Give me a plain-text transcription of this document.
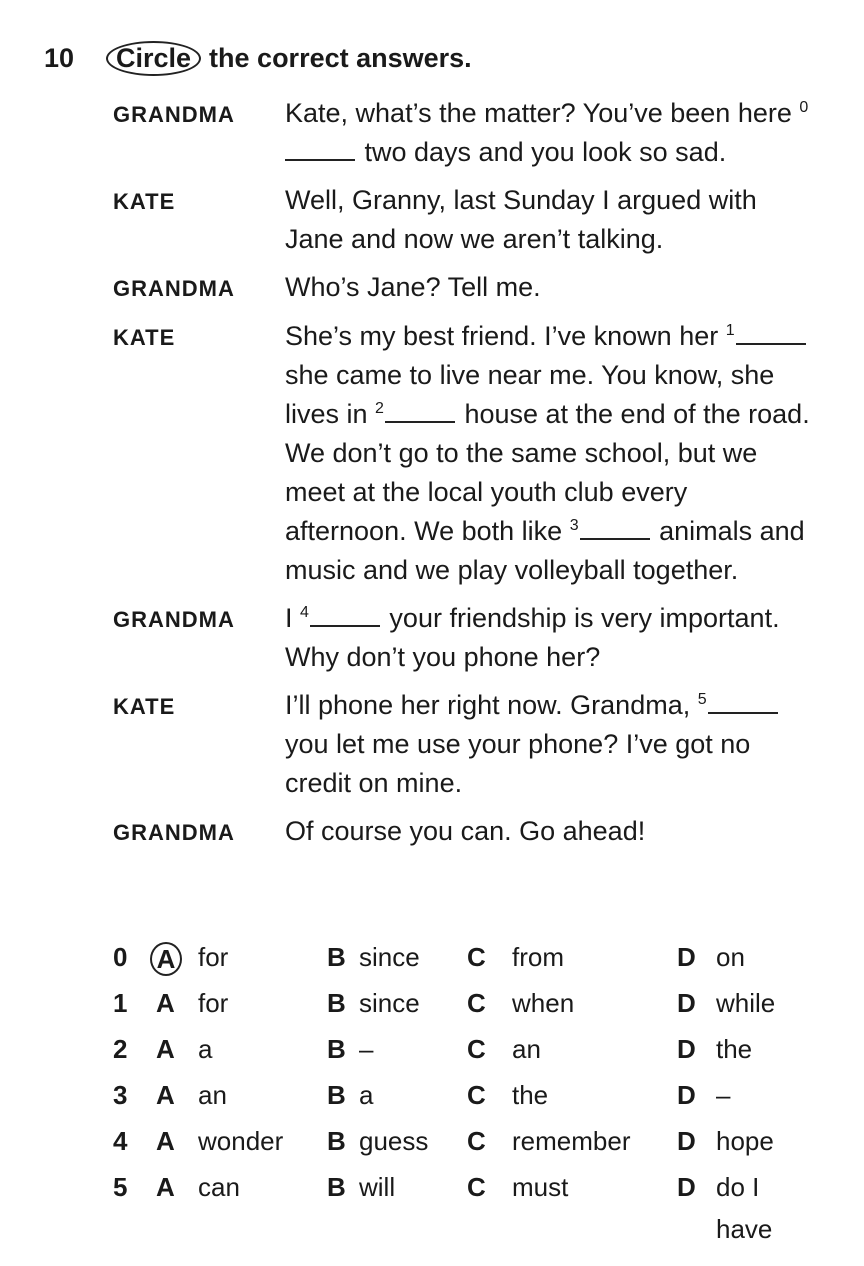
10	Circle the correct answers.
GRANDMA	Kate, what’s the matter? You’ve been here $^0$ two days and you look so sad.
KATE	Well, Granny, last Sunday I argued with Jane and now we aren’t talking.
GRANDMA	Who’s Jane? Tell me.
KATE	She’s my best friend. I’ve known her $^1$ she came to live near me. You know, she lives in $^2$	house at the end of the road. We don’t go to the same school, but we meet at the local youth club every afternoon. We both like $^3$	animals and music and we play volleyball together.
GRANDMA	I $^4$	your friendship is very important. Why don’t you phone her?
KATE	I’ll phone her right now. Grandma, $^5$ you let me use your phone? I’ve got no credit on mine.
GRANDMA	Of course you can. Go ahead!
0 A for	B since C from	D on
1 A for	B since C when	D while
2 A a	B –	C an	D the
3 A an	B a	C the	D –
4 A wonder B guess C remember D hope
5 A can	B will	C must	D do I
have
